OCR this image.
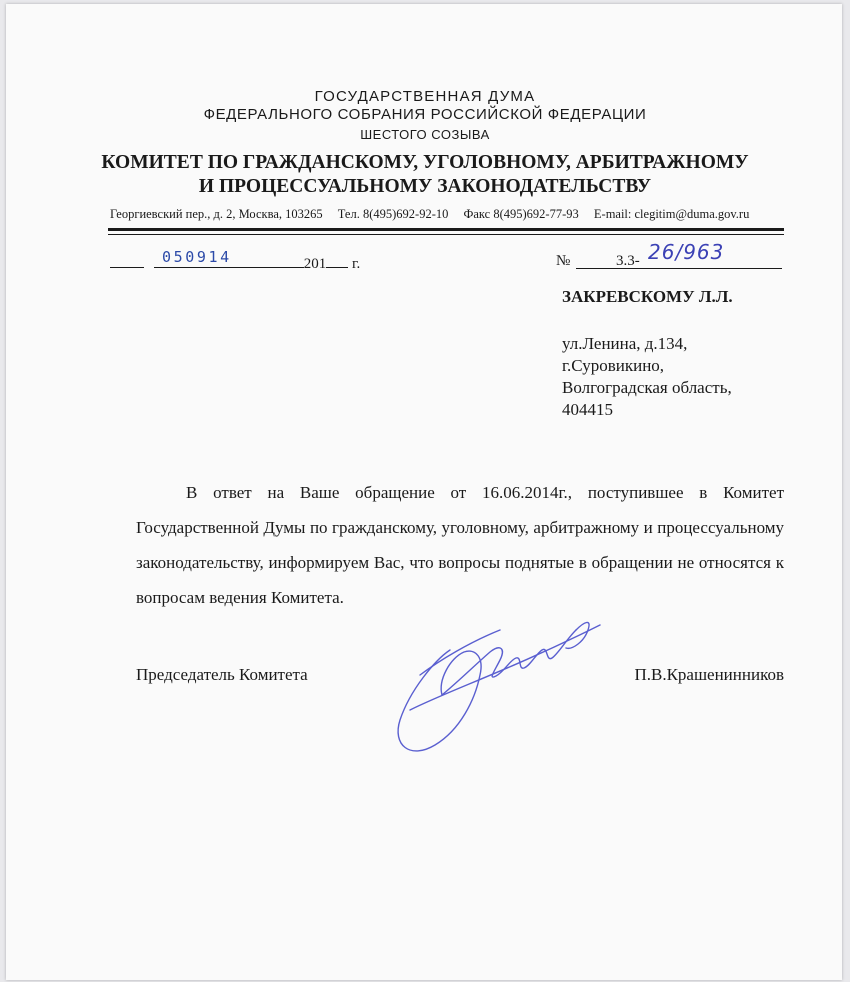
ГОСУДАРСТВЕННАЯ ДУМА
ФЕДЕРАЛЬНОГО СОБРАНИЯ РОССИЙСКОЙ ФЕДЕРАЦИИ
ШЕСТОГО СОЗЫВА
КОМИТЕТ ПО ГРАЖДАНСКОМУ, УГОЛОВНОМУ, АРБИТРАЖНОМУ
И ПРОЦЕССУАЛЬНОМУ ЗАКОНОДАТЕЛЬСТВУ
Георгиевский пер., д. 2, Москва, 103265 Тел. 8(495)692-92-10 Факс 8(495)692-77-93 E-mail: clegitim@duma.gov.ru
201 г.
050914	№	3.3- 26/963
ЗАКРЕВСКОМУ Л.Л.
ул.Ленина, д.134,
г.Суровикино,
Волгоградская область,
404415
В ответ на Ваше обращение от 16.06.2014г., поступившее в Комитет Государственной Думы по гражданскому, уголовному, арбитражному и процессуальному законодательству, информируем Вас, что вопросы поднятые в обращении не относятся к вопросам ведения Комитета.
Председатель Комитета	П.В.Крашенинников
